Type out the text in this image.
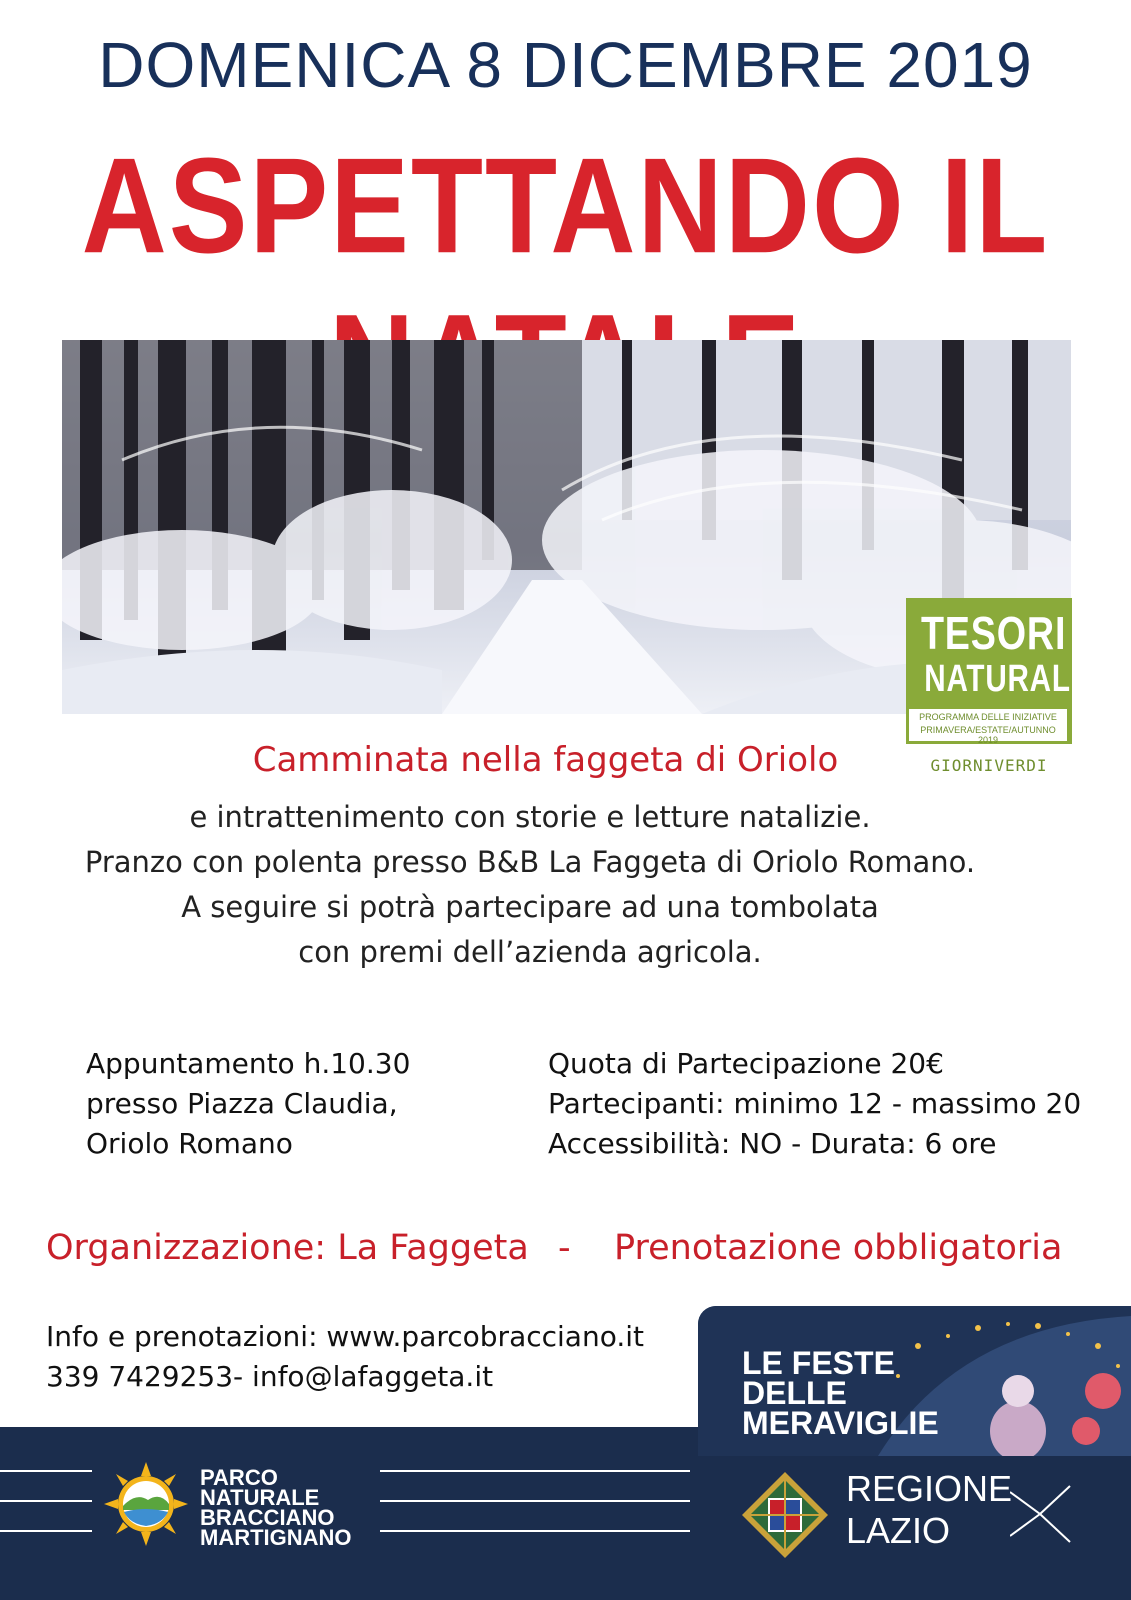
DOMENICA 8 DICEMBRE 2019
ASPETTANDO IL
TESORI
NATURALI
PROGRAMMA DELLE INIZIATIVE
PRIMAVERA/ESTATE/AUTUNNO 2019
GIORNIVERDI
Camminata nella faggeta di Oriolo
e intrattenimento con storie e letture natalizie.
Pranzo con polenta presso B&B La Faggeta di Oriolo Romano.
A seguire si potrà partecipare ad una tombolata
con premi dell’azienda agricola.
Appuntamento h.10.30
presso Piazza Claudia,
Oriolo Romano
Quota di Partecipazione 20€
Partecipanti: minimo 12 - massimo 20
Accessibilità: NO - Durata: 6 ore
Organizzazione: La Faggeta - Prenotazione obbligatoria
Info e prenotazioni: www.parcobracciano.it
339 7429253- info@lafaggeta.it	LE FESTE
DELLE
MERAVIGLIE
PARCO
NATURALE
BRACCIANO
MARTIGNANO
REGIONE
LAZIO
